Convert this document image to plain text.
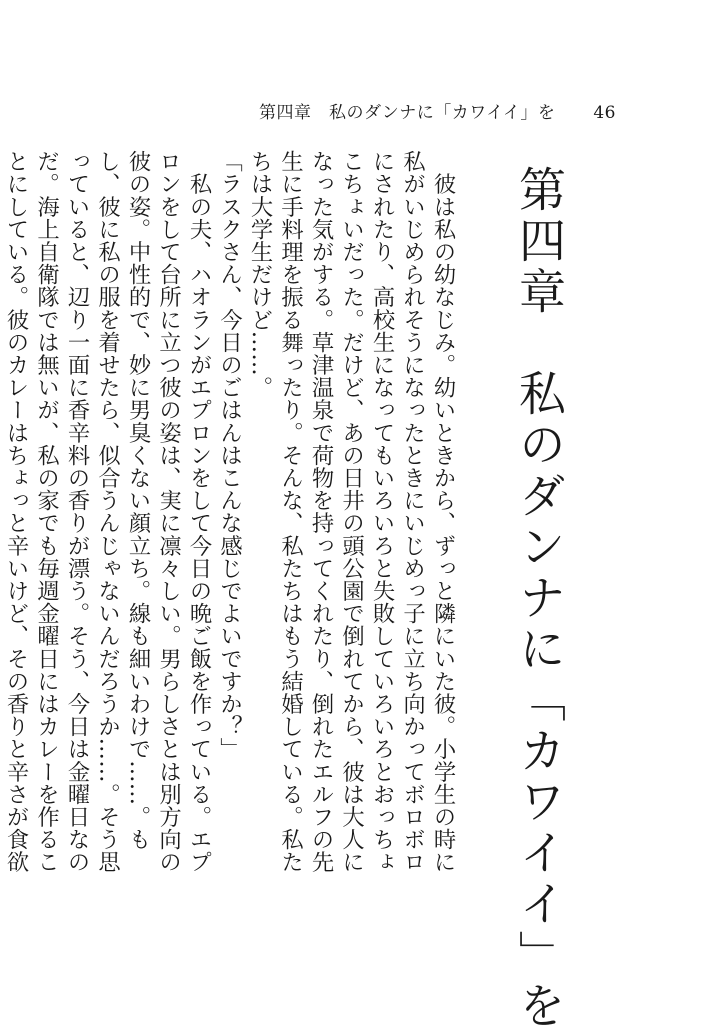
第四章　私のダンナに「カワイイ」を 46
第四章　私のダンナに「カワイイ」を

　彼は私の幼なじみ。幼いときから、ずっと隣にいた彼。小学生の時に私がいじめられそうになったときにいじめっ子に立ち向かってボロボロにされたり、高校生になってもいろいろと失敗していろいろとおっちょこちょいだった。だけど、あの日井の頭公園で倒れてから、彼は大人になった気がする。草津温泉で荷物を持ってくれたり、倒れたエルフの先生に手料理を振る舞ったり。そんな、私たちはもう結婚している。私たちは大学生だけど……。

「ラスクさん、今日のごはんはこんな感じでよいですか？」

　私の夫、ハオランがエプロンをして今日の晩ご飯を作っている。エプロンをして台所に立つ彼の姿は、実に凛々しい。男らしさとは別方向の彼の姿。中性的で、妙に男臭くない顔立ち。線も細いわけで……。もし、彼に私の服を着せたら、似合うんじゃないんだろうか……。そう思っていると、辺り一面に香辛料の香りが漂う。そう、今日は金曜日なのだ。海上自衛隊では無いが、私の家でも毎週金曜日にはカレーを作ることにしている。彼のカレーはちょっと辛いけど、その香りと辛さが食欲
